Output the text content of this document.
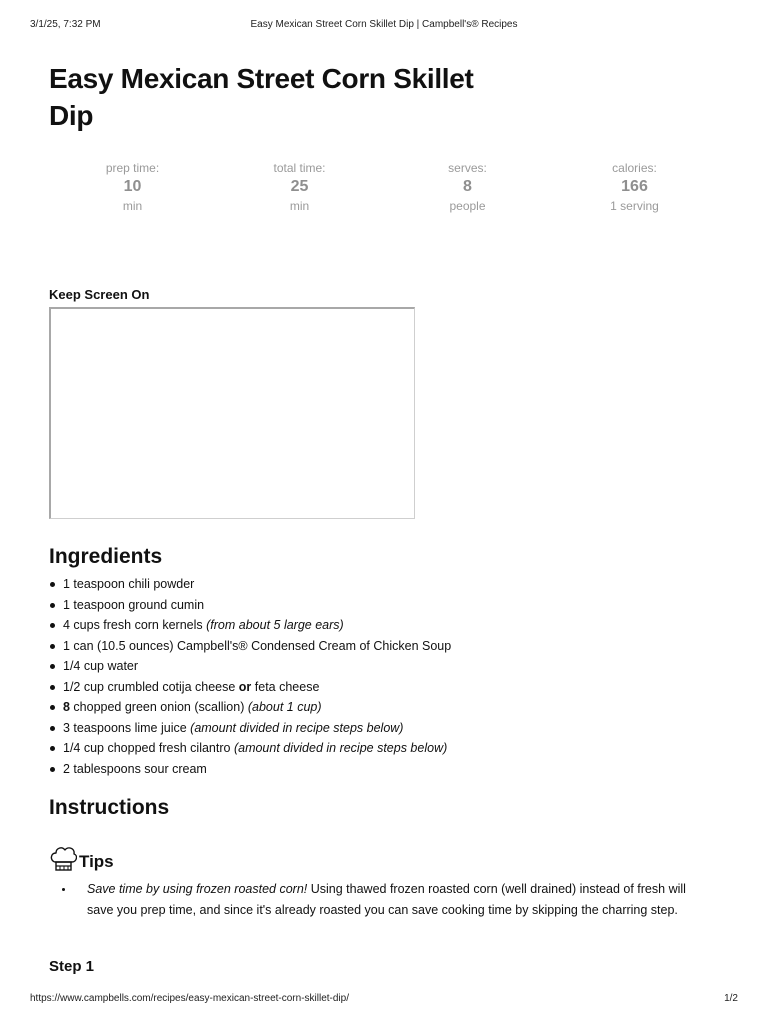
3/1/25, 7:32 PM	Easy Mexican Street Corn Skillet Dip | Campbell's® Recipes
Easy Mexican Street Corn Skillet
Dip
prep time:
10
min
total time:
25
min
serves:
8
people
calories:
166
1 serving
Keep Screen On
Ingredients
1 teaspoon chili powder
1 teaspoon ground cumin
4 cups fresh corn kernels (from about 5 large ears)
1 can (10.5 ounces) Campbell's® Condensed Cream of Chicken Soup
1/4 cup water
1/2 cup crumbled cotija cheese or feta cheese
8 chopped green onion (scallion) (about 1 cup)
3 teaspoons lime juice (amount divided in recipe steps below)
1/4 cup chopped fresh cilantro (amount divided in recipe steps below)
2 tablespoons sour cream
Instructions
Tips
Save time by using frozen roasted corn! Using thawed frozen roasted corn (well drained) instead of fresh will save you prep time, and since it's already roasted you can save cooking time by skipping the charring step.
Step 1
https://www.campbells.com/recipes/easy-mexican-street-corn-skillet-dip/	1/2
